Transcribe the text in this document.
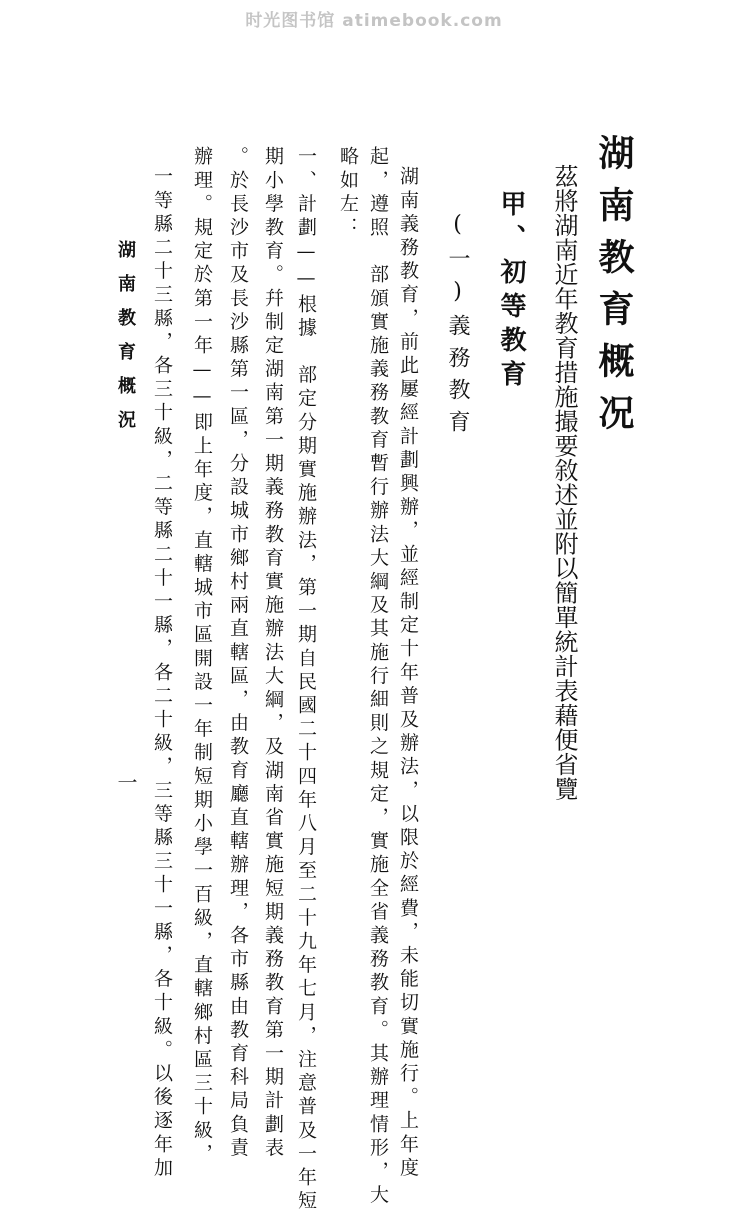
时光图书馆 atimebook.com
湖南教育概况
茲將湖南近年教育措施撮要敘述並附以簡單統計表藉便省覽
甲、初等教育
(一)義務教育
湖南義務教育，前此屢經計劃興辦，並經制定十年普及辦法，以限於經費，未能切實施行。上年度
起，遵照　部頒實施義務教育暫行辦法大綱及其施行細則之規定，實施全省義務教育。其辦理情形，大
略如左：
一、計劃——根據　部定分期實施辦法，第一期自民國二十四年八月至二十九年七月，注意普及一年短
期小學教育。幷制定湖南第一期義務教育實施辦法大綱，及湖南省實施短期義務教育第一期計劃表
。於長沙市及長沙縣第一區，分設城市鄉村兩直轄區，由教育廳直轄辦理，各市縣由教育科局負責
辦理。規定於第一年——即上年度，直轄城市區開設一年制短期小學一百級，直轄鄉村區三十級，
一等縣二十三縣，各三十級，二等縣二十一縣，各二十級，三等縣三十一縣，各十級。以後逐年加
湖南教育概況
一
